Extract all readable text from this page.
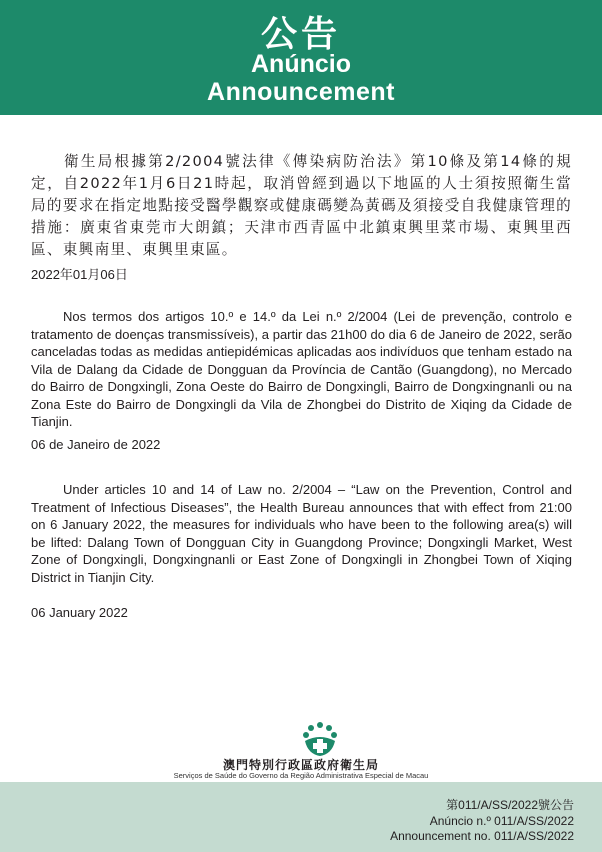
公告
Anúncio
Announcement

衛生局根據第2/2004號法律《傳染病防治法》第10條及第14條的規定，自2022年1月6日21時起，取消曾經到過以下地區的人士須按照衛生當局的要求在指定地點接受醫學觀察或健康碼變為黃碼及須接受自我健康管理的措施：廣東省東莞市大朗鎮；天津市西青區中北鎮東興里菜市場、東興里西區、東興南里、東興里東區。

2022年01月06日

Nos termos dos artigos 10.º e 14.º da Lei n.º 2/2004 (Lei de prevenção, controlo e tratamento de doenças transmissíveis), a partir das 21h00 do dia 6 de Janeiro de 2022, serão canceladas todas as medidas antiepidémicas aplicadas aos indivíduos que tenham estado na Vila de Dalang da Cidade de Dongguan da Província de Cantão (Guangdong), no Mercado do Bairro de Dongxingli, Zona Oeste do Bairro de Dongxingli, Bairro de Dongxingnanli ou na Zona Este do Bairro de Dongxingli da Vila de Zhongbei do Distrito de Xiqing da Cidade de Tianjin.

06 de Janeiro de 2022

Under articles 10 and 14 of Law no. 2/2004 – “Law on the Prevention, Control and Treatment of Infectious Diseases”, the Health Bureau announces that with effect from 21:00 on 6 January 2022, the measures for individuals who have been to the following area(s) will be lifted: Dalang Town of Dongguan City in Guangdong Province; Dongxingli Market, West Zone of Dongxingli, Dongxingnanli or East Zone of Dongxingli in Zhongbei Town of Xiqing District in Tianjin City.

06 January 2022

澳門特別行政區政府衛生局
Serviços de Saúde do Governo da Região Administrativa Especial de Macau
第011/A/SS/2022號公告
Anúncio n.º 011/A/SS/2022
Announcement no. 011/A/SS/2022
